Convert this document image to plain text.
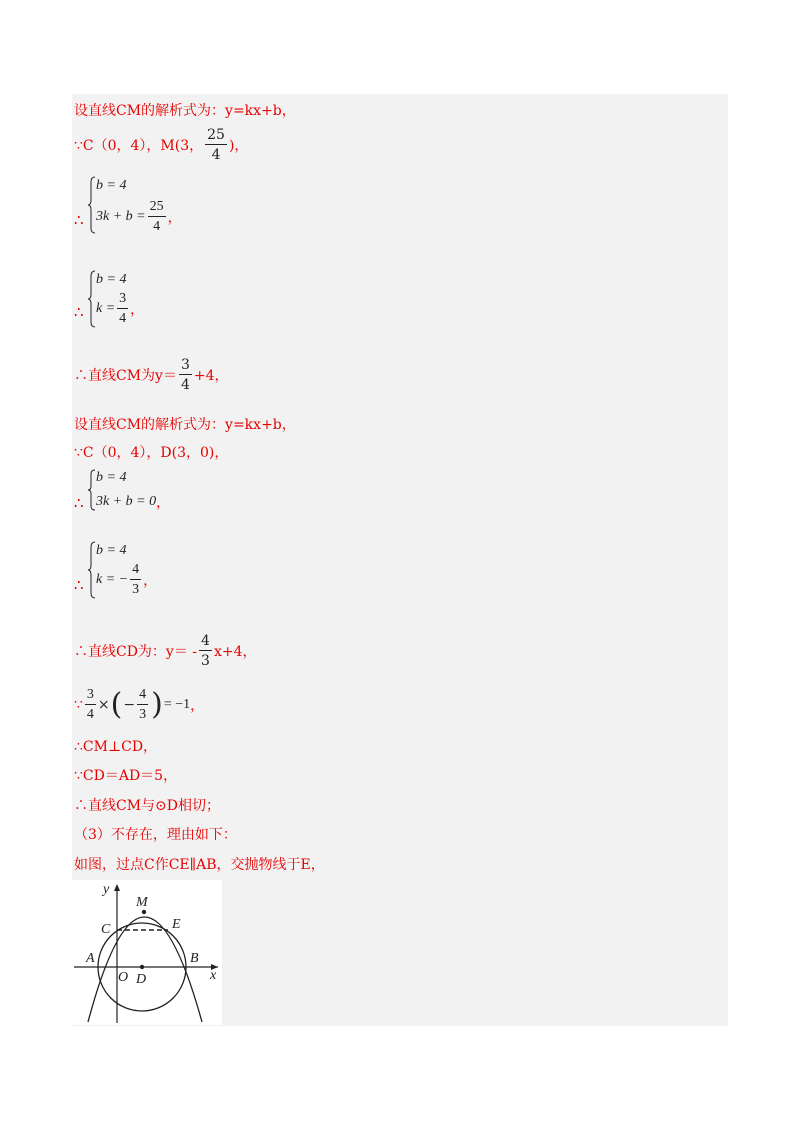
设直线CM的解析式为：y=kx+b，
∵C（0，4），M(3， $\frac{25}{4}$ )，
∴
b = 4
$3k + b = \frac{25}{4}$ ，
∴
b = 4
$k = \frac{3}{4}$ ，
∴直线CM为$y= \frac{3}{4} +4$，
设直线CM的解析式为：y=kx+b，
∵C（0，4），D(3，0)，
∴
b = 4
3k + b = 0 ，
∴
b = 4
k = − $\frac{4}{3}$ ，
∴直线CD为：$y= - \frac{4}{3} x+4$，
∵ $\frac{3}{4}$ × ( − $\frac{4}{3}$ ) = −1 ，
∴CM⊥CD，
∵CD＝AD＝5，
∴直线CM与⊙D相切；
（3）不存在，理由如下：
如图，过点C作CE∥AB，交抛物线于E，
y
M
C	E
A
O D
B
x
